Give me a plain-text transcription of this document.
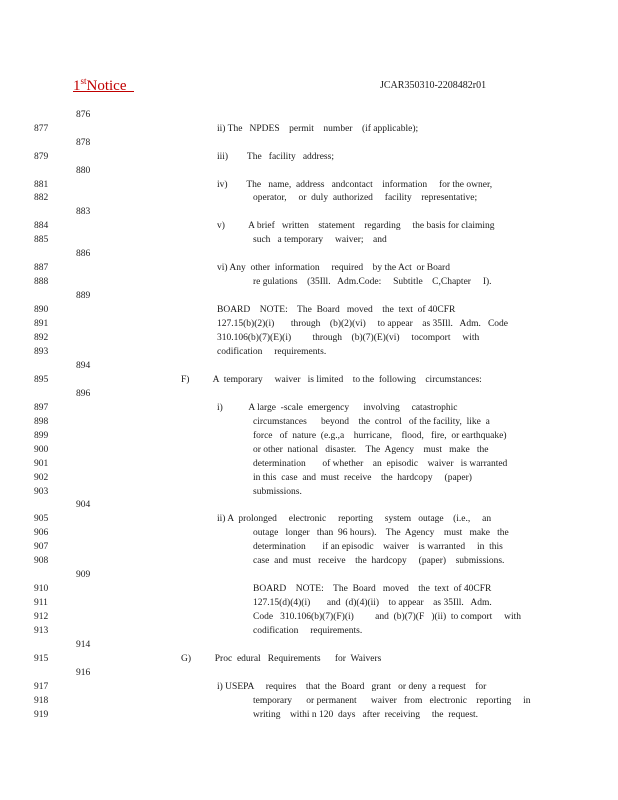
1stNotice	JCAR350310-2208482r01
876
877	ii) The   NPDES    permit    number    (if applicable);
878
879	iii)        The   facility   address;
880
881	iv)        The   name,  address   andcontact    information     for the owner,
882	operator,     or  duly  authorized     facility    representative;
883
884	v)          A brief   written    statement    regarding     the basis for claiming
885	such   a temporary     waiver;    and
886
887	vi) Any  other  information     required    by the Act  or Board
888	re gulations    (35Ill.   Adm.Code:     Subtitle    C,Chapter     I).
889
890	BOARD    NOTE:    The  Board   moved    the  text  of 40CFR
891	127.15(b)(2)(i)       through    (b)(2)(vi)     to appear    as 35Ill.   Adm.   Code
892	310.106(b)(7)(E)(i)         through    (b)(7)(E)(vi)     tocomport     with
893	codification     requirements.
894
895	F)          A  temporary     waiver   is limited    to the  following    circumstances:
896
897	i)           A large  -scale  emergency      involving     catastrophic
898	circumstances      beyond    the  control   of the facility,  like  a
899	force   of  nature  (e.g.,a    hurricane,    flood,   fire,  or earthquake)
900	or other  national   disaster.    The  Agency    must   make   the
901	determination       of whether    an  episodic    waiver   is warranted
902	in this  case  and  must  receive    the  hardcopy     (paper)
903	submissions.
904
905	ii) A  prolonged     electronic     reporting     system   outage    (i.e.,     an
906	outage   longer   than  96 hours).    The  Agency    must   make   the
907	determination       if an episodic    waiver    is warranted     in  this
908	case  and  must   receive    the  hardcopy     (paper)    submissions.
909
910	BOARD    NOTE:    The  Board   moved    the  text  of 40CFR
911	127.15(d)(4)(i)       and  (d)(4)(ii)    to appear    as 35Ill.   Adm.
912	Code   310.106(b)(7)(F)(i)         and  (b)(7)(F   )(ii)  to comport     with
913	codification     requirements.
914
915	G)          Proc  edural   Requirements      for  Waivers
916
917	i) USEPA     requires    that  the  Board   grant   or deny  a request    for
918	temporary      or permanent      waiver   from   electronic    reporting     in
919	writing    withi n 120  days   after  receiving     the  request.
